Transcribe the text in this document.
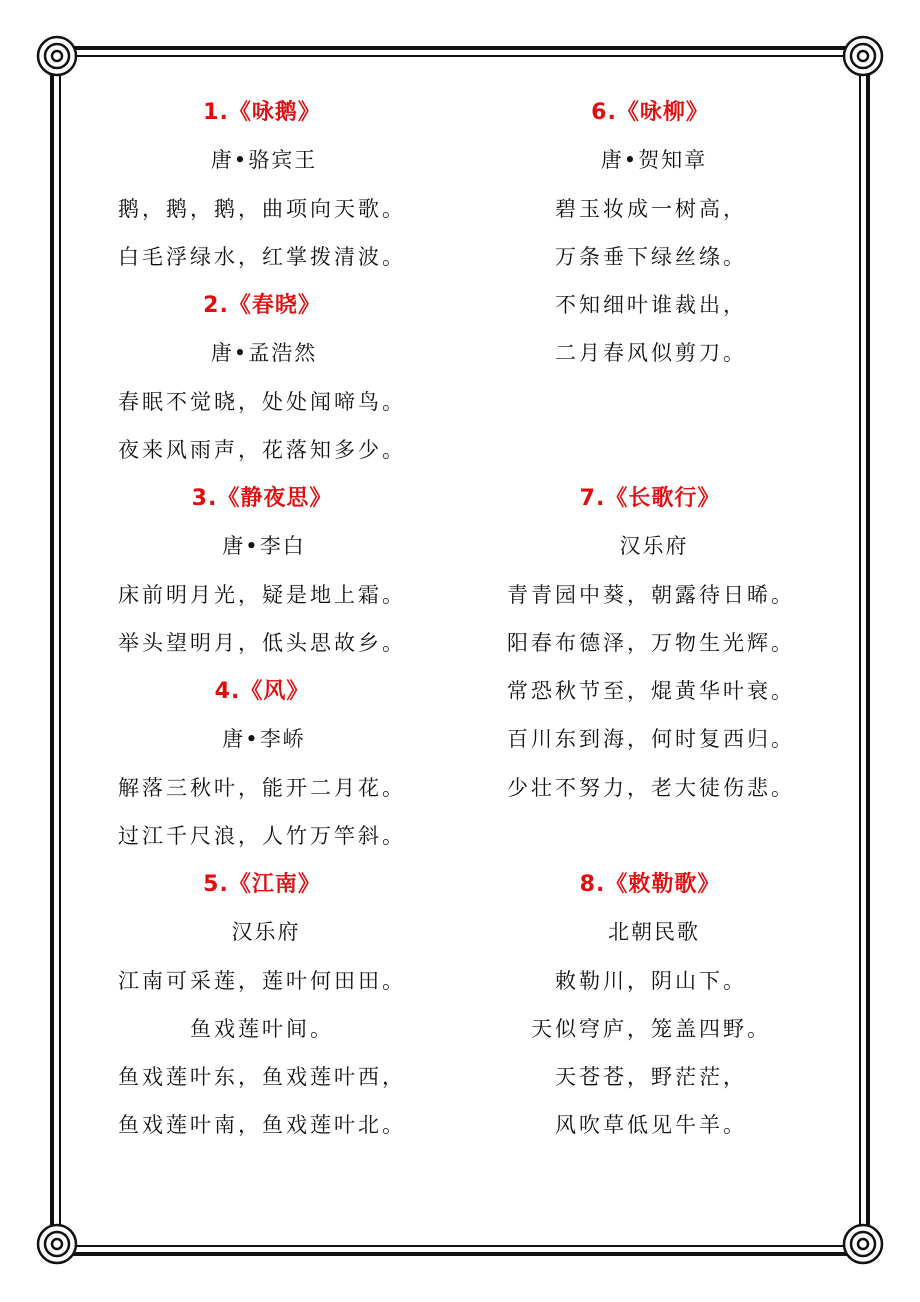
1.《咏鹅》
唐•骆宾王
鹅，鹅，鹅，曲项向天歌。
白毛浮绿水，红掌拨清波。
2.《春晓》
唐•孟浩然
春眠不觉晓，处处闻啼鸟。
夜来风雨声，花落知多少。
3.《静夜思》
唐•李白
床前明月光，疑是地上霜。
举头望明月，低头思故乡。
4.《风》
唐•李峤
解落三秋叶，能开二月花。
过江千尺浪，人竹万竿斜。
5.《江南》
汉乐府
江南可采莲，莲叶何田田。
鱼戏莲叶间。
鱼戏莲叶东，鱼戏莲叶西，
鱼戏莲叶南，鱼戏莲叶北。
6.《咏柳》
唐•贺知章
碧玉妆成一树高，
万条垂下绿丝绦。
不知细叶谁裁出，
二月春风似剪刀。
7.《长歌行》
汉乐府
青青园中葵，朝露待日晞。
阳春布德泽，万物生光辉。
常恐秋节至，焜黄华叶衰。
百川东到海，何时复西归。
少壮不努力，老大徒伤悲。
8.《敕勒歌》
北朝民歌
敕勒川，阴山下。
天似穹庐，笼盖四野。
天苍苍，野茫茫，
风吹草低见牛羊。
